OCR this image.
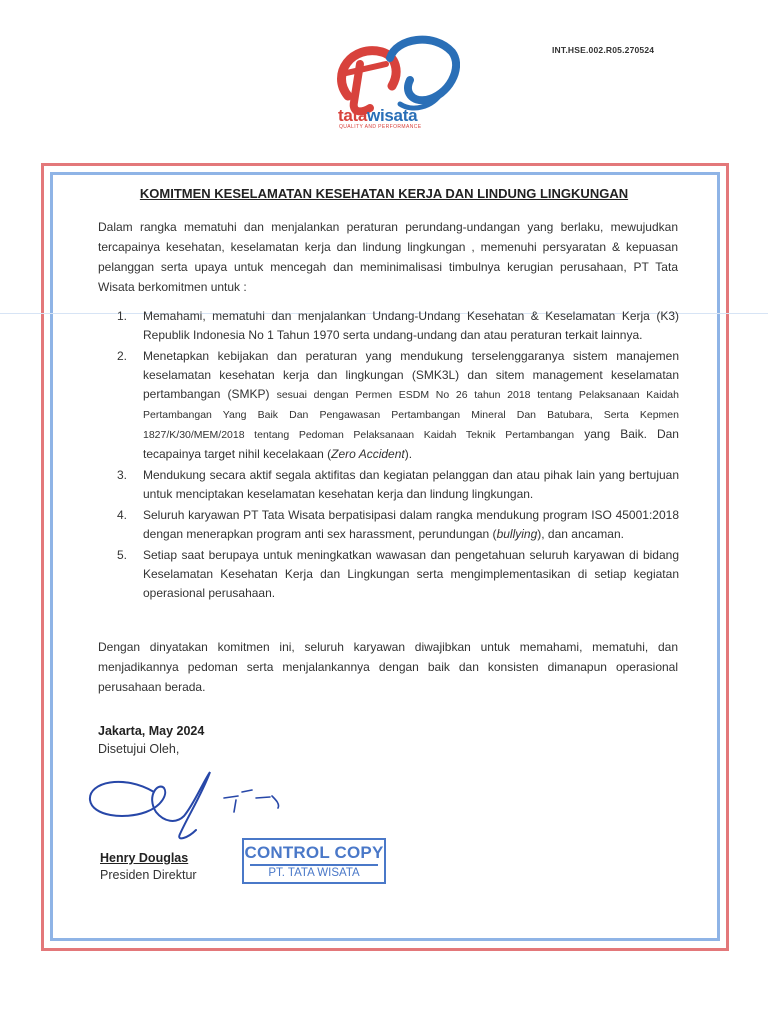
INT.HSE.002.R05.270524
tatawisata
QUALITY AND PERFORMANCE
KOMITMEN KESELAMATAN KESEHATAN KERJA DAN LINDUNG LINGKUNGAN
Dalam rangka mematuhi dan menjalankan peraturan perundang-undangan yang berlaku, mewujudkan tercapainya kesehatan, keselamatan kerja dan lindung lingkungan , memenuhi persyaratan & kepuasan pelanggan serta upaya untuk mencegah dan meminimalisasi timbulnya kerugian perusahaan, PT Tata Wisata berkomitmen untuk :
1. Memahami, mematuhi dan menjalankan Undang-Undang Kesehatan & Keselamatan Kerja (K3) Republik Indonesia No 1 Tahun 1970 serta undang-undang dan atau peraturan terkait lainnya.
2. Menetapkan kebijakan dan peraturan yang mendukung terselenggaranya sistem manajemen keselamatan kesehatan kerja dan lingkungan (SMK3L) dan sitem management keselamatan pertambangan (SMKP) sesuai dengan Permen ESDM No 26 tahun 2018 tentang Pelaksanaan Kaidah Pertambangan Yang Baik Dan Pengawasan Pertambangan Mineral Dan Batubara, Serta Kepmen 1827/K/30/MEM/2018 tentang Pedoman Pelaksanaan Kaidah Teknik Pertambangan yang Baik. Dan tecapainya target nihil kecelakaan (Zero Accident).
3. Mendukung secara aktif segala aktifitas dan kegiatan pelanggan dan atau pihak lain yang bertujuan untuk menciptakan keselamatan kesehatan kerja dan lindung lingkungan.
4. Seluruh karyawan PT Tata Wisata berpatisipasi dalam rangka mendukung program ISO 45001:2018 dengan menerapkan program anti sex harassment, perundungan (bullying), dan ancaman.
5. Setiap saat berupaya untuk meningkatkan wawasan dan pengetahuan seluruh karyawan di bidang Keselamatan Kesehatan Kerja dan Lingkungan serta mengimplementasikan di setiap kegiatan operasional perusahaan.
Dengan dinyatakan komitmen ini, seluruh karyawan diwajibkan untuk memahami, mematuhi, dan menjadikannya pedoman serta menjalankannya dengan baik dan konsisten dimanapun operasional perusahaan berada.
Jakarta, May 2024
Disetujui Oleh,
Henry Douglas
Presiden Direktur
CONTROL COPY
PT. TATA WISATA
